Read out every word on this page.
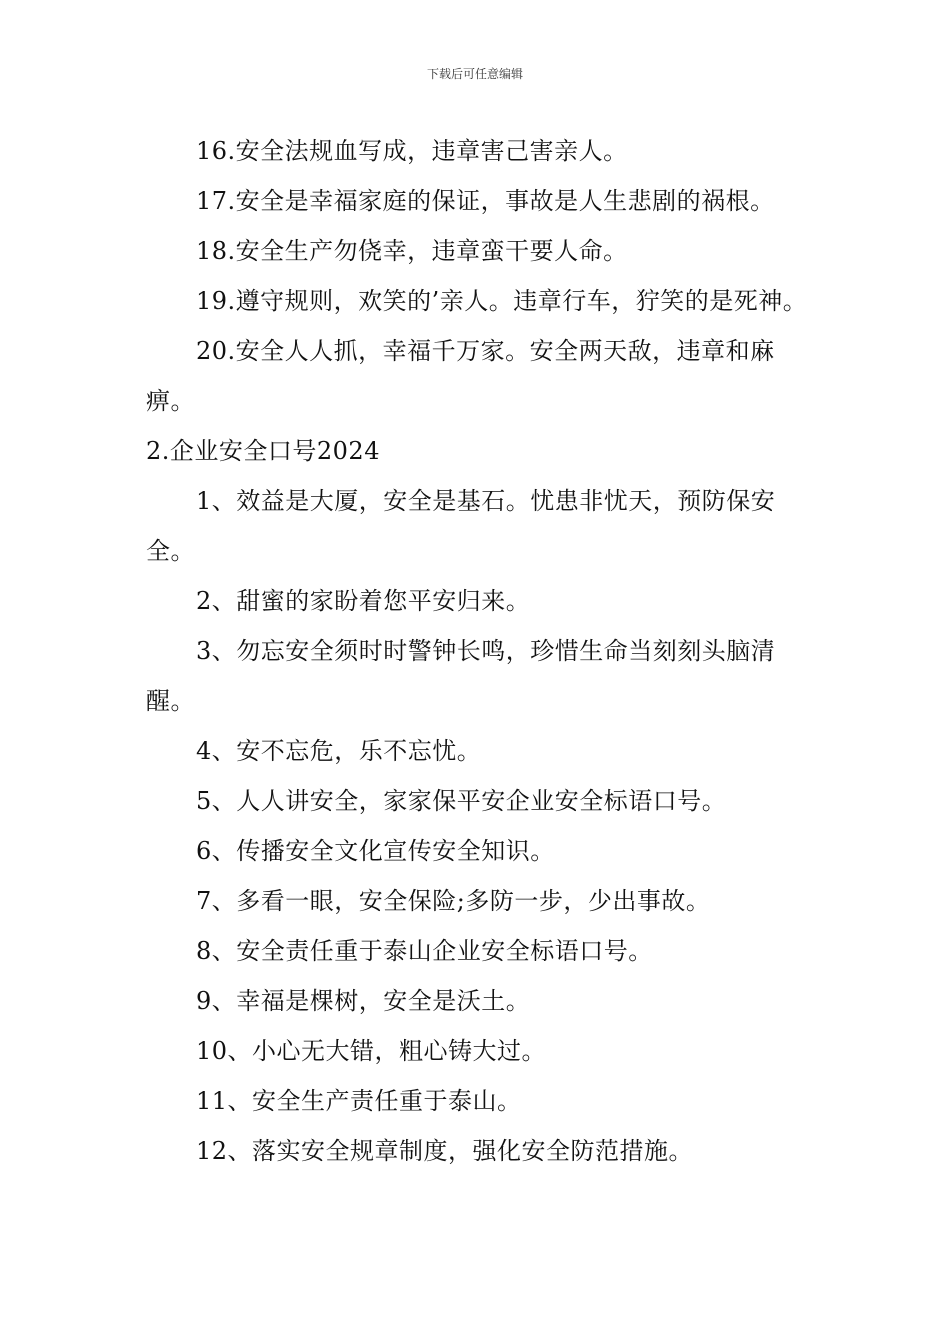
下载后可任意编辑

16.安全法规血写成，违章害己害亲人。

17.安全是幸福家庭的保证，事故是人生悲剧的祸根。

18.安全生产勿侥幸，违章蛮干要人命。

19.遵守规则，欢笑的’亲人。违章行车，狞笑的是死神。

20.安全人人抓，幸福千万家。安全两天敌，违章和麻痹。

2.企业安全口号2024

1、效益是大厦，安全是基石。忧患非忧天，预防保安全。

2、甜蜜的家盼着您平安归来。

3、勿忘安全须时时警钟长鸣，珍惜生命当刻刻头脑清醒。

4、安不忘危，乐不忘忧。

5、人人讲安全，家家保平安企业安全标语口号。

6、传播安全文化宣传安全知识。

7、多看一眼，安全保险;多防一步，少出事故。

8、安全责任重于泰山企业安全标语口号。

9、幸福是棵树，安全是沃土。

10、小心无大错，粗心铸大过。

11、安全生产责任重于泰山。

12、落实安全规章制度，强化安全防范措施。
